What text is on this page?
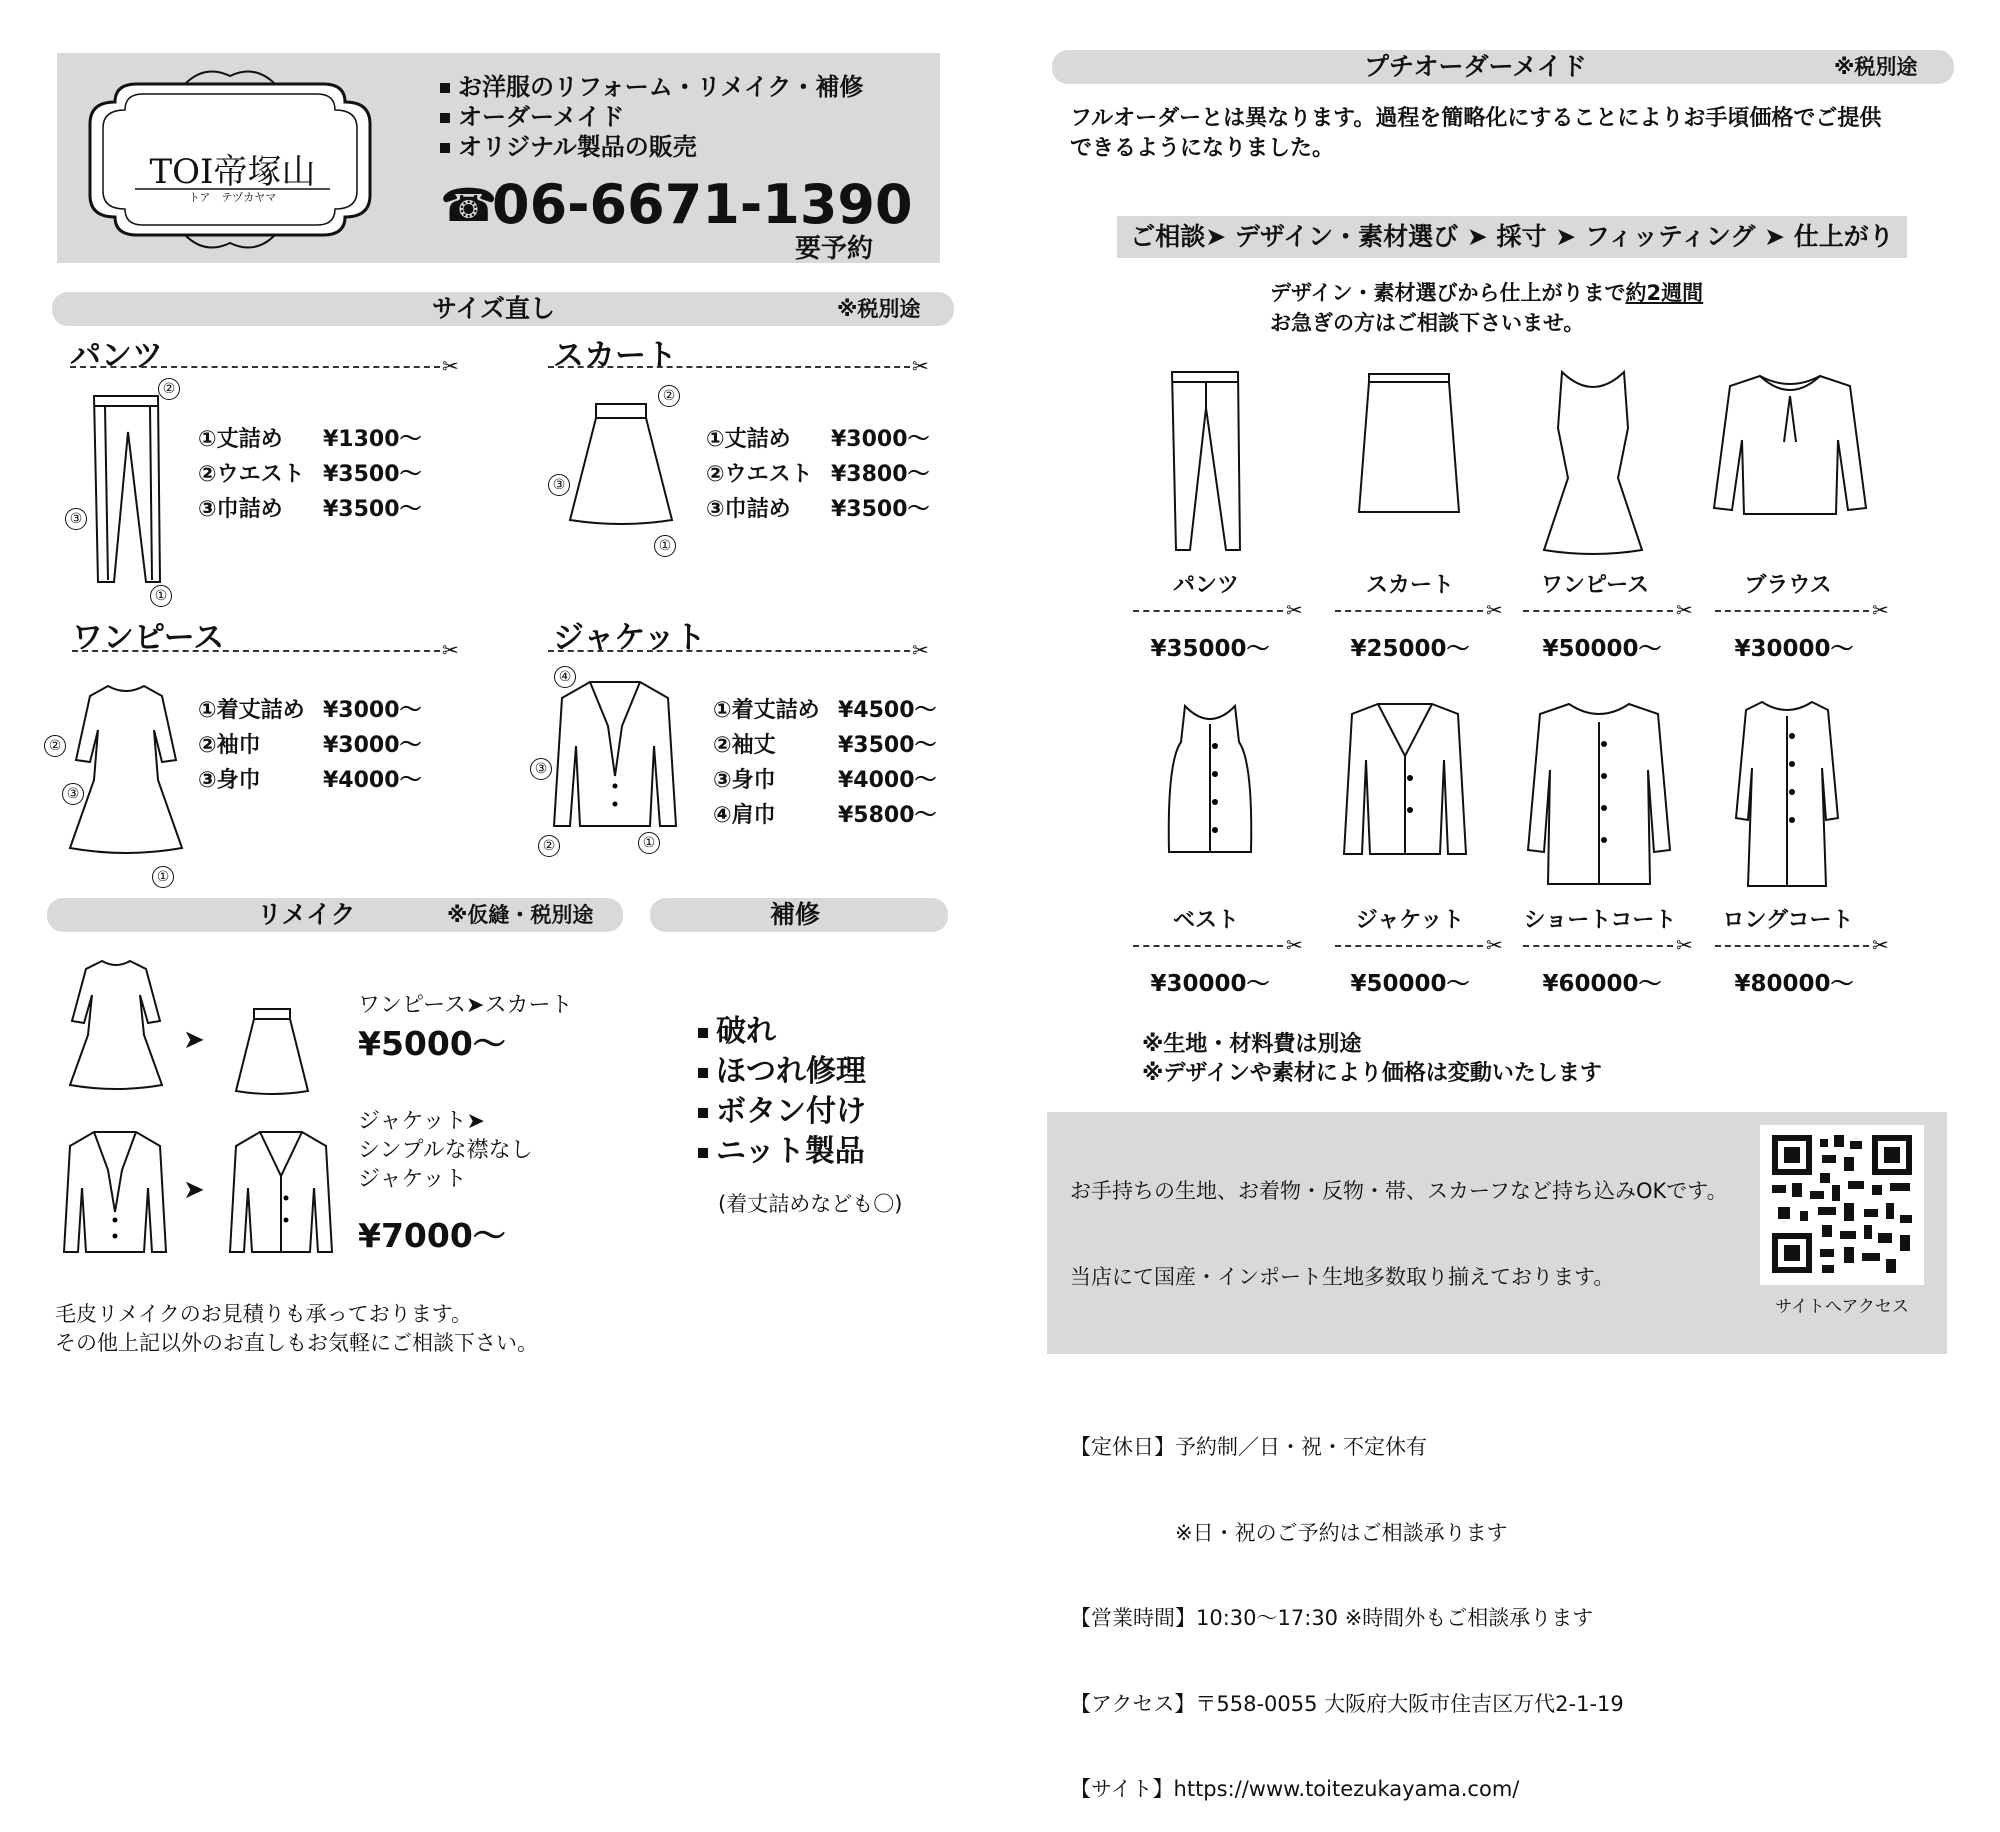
TOI帝塚山
トア　テヅカヤマ
お洋服のリフォーム・リメイク・補修
オーダーメイド
オリジナル製品の販売
☎
06-6671-1390
要予約
サイズ直し	※税別途
パンツ	✂
②
③
①
①丈詰め	¥1300〜
②ウエスト ¥3500〜
③巾詰め	¥3500〜
スカート	✂
②
③
①
①丈詰め	¥3000〜
②ウエスト ¥3800〜
③巾詰め	¥3500〜
ワンピース	✂
②
③
①
①着丈詰め ¥3000〜
②袖巾	¥3000〜
③身巾	¥4000〜
ジャケット	✂
④
③
②	①
①着丈詰め ¥4500〜
②袖丈	¥3500〜
③身巾	¥4000〜
④肩巾	¥5800〜
リメイク	※仮縫・税別途
➤
ワンピース➤スカート
¥5000〜
➤
ジャケット➤
シンプルな襟なし
ジャケット
¥7000〜
毛皮リメイクのお見積りも承っております。
その他上記以外のお直しもお気軽にご相談下さい。
補修
破れ
ほつれ修理
ボタン付け
ニット製品
(着丈詰めなども〇)
プチオーダーメイド	※税別途
フルオーダーとは異なります。過程を簡略化にすることによりお手頃価格でご提供
できるようになりました。
ご相談➤ デザイン・素材選び ➤ 採寸 ➤ フィッティング ➤ 仕上がり
デザイン・素材選びから仕上がりまで約2週間
お急ぎの方はご相談下さいませ。
パンツ
✂
¥35000〜
スカート
✂
¥25000〜
ワンピース
✂
¥50000〜
ブラウス
✂
¥30000〜
ベスト
✂
¥30000〜
ジャケット
✂
¥50000〜
ショートコート
✂
¥60000〜
ロングコート
✂
¥80000〜
※生地・材料費は別途
※デザインや素材により価格は変動いたします

お手持ちの生地、お着物・反物・帯、スカーフなど持ち込みOKです。

当店にて国産・インポート生地多数取り揃えております。

【定休日】予約制／日・祝・不定休有

　　　　　※日・祝のご予約はご相談承ります

【営業時間】10:30〜17:30 ※時間外もご相談承ります

【アクセス】〒558-0055 大阪府大阪市住吉区万代2-1-19

【サイト】https://www.toitezukayama.com/

サイトへアクセス
